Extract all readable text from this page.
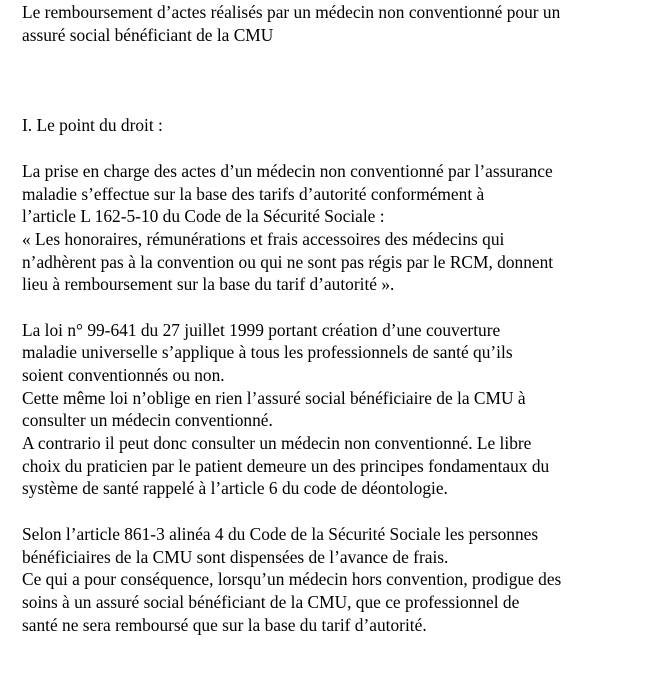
Le remboursement d’actes réalisés par un médecin non conventionné pour un
assuré social bénéficiant de la CMU
I. Le point du droit :
La prise en charge des actes d’un médecin non conventionné par l’assurance
maladie s’effectue sur la base des tarifs d’autorité conformément à
l’article L 162-5-10 du Code de la Sécurité Sociale :
« Les honoraires, rémunérations et frais accessoires des médecins qui
n’adhèrent pas à la convention ou qui ne sont pas régis par le RCM, donnent
lieu à remboursement sur la base du tarif d’autorité ».
La loi n° 99-641 du 27 juillet 1999 portant création d’une couverture
maladie universelle s’applique à tous les professionnels de santé qu’ils
soient conventionnés ou non.
Cette même loi n’oblige en rien l’assuré social bénéficiaire de la CMU à
consulter un médecin conventionné.
A contrario il peut donc consulter un médecin non conventionné. Le libre
choix du praticien par le patient demeure un des principes fondamentaux du
système de santé rappelé à l’article 6 du code de déontologie.
Selon l’article 861-3 alinéa 4 du Code de la Sécurité Sociale les personnes
bénéficiaires de la CMU sont dispensées de l’avance de frais.
Ce qui a pour conséquence, lorsqu’un médecin hors convention, prodigue des
soins à un assuré social bénéficiant de la CMU, que ce professionnel de
santé ne sera remboursé que sur la base du tarif d’autorité.
